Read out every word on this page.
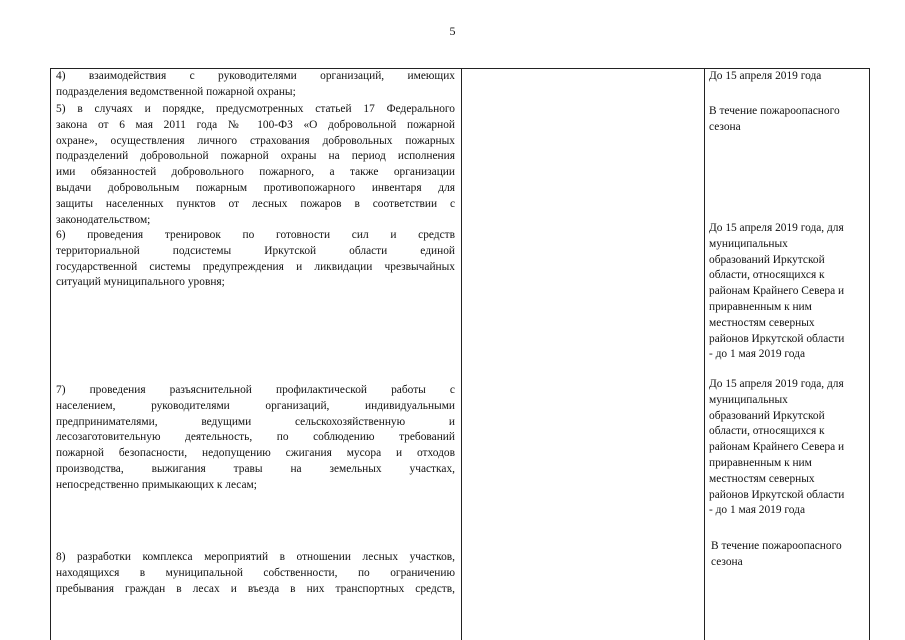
5
4) взаимодействия с руководителями организаций, имеющих
подразделения ведомственной пожарной охраны;
До 15 апреля 2019 года
5) в случаях и порядке, предусмотренных статьей 17 Федерального
закона от 6 мая 2011 года № 100-ФЗ «О добровольной пожарной
охране», осуществления личного страхования добровольных пожарных
подразделений добровольной пожарной охраны на период исполнения
ими обязанностей добровольного пожарного, а также организации
выдачи добровольным пожарным противопожарного инвентаря для
защиты населенных пунктов от лесных пожаров в соответствии с
законодательством;
В течение пожароопасного
сезона
6) проведения тренировок по готовности сил и средств
территориальной подсистемы Иркутской области единой
государственной системы предупреждения и ликвидации чрезвычайных
ситуаций муниципального уровня;
До 15 апреля 2019 года, для
муниципальных
образований Иркутской
области, относящихся к
районам Крайнего Севера и
приравненным к ним
местностям северных
районов Иркутской области
- до 1 мая 2019 года
7) проведения разъяснительной профилактической работы с
населением, руководителями организаций, индивидуальными
предпринимателями, ведущими сельскохозяйственную и
лесозаготовительную деятельность, по соблюдению требований
пожарной безопасности, недопущению сжигания мусора и отходов
производства, выжигания травы на земельных участках,
непосредственно примыкающих к лесам;
До 15 апреля 2019 года, для
муниципальных
образований Иркутской
области, относящихся к
районам Крайнего Севера и
приравненным к ним
местностям северных
районов Иркутской области
- до 1 мая 2019 года
8) разработки комплекса мероприятий в отношении лесных участков,
находящихся в муниципальной собственности, по ограничению
пребывания граждан в лесах и въезда в них транспортных средств,
В течение пожароопасного
сезона
